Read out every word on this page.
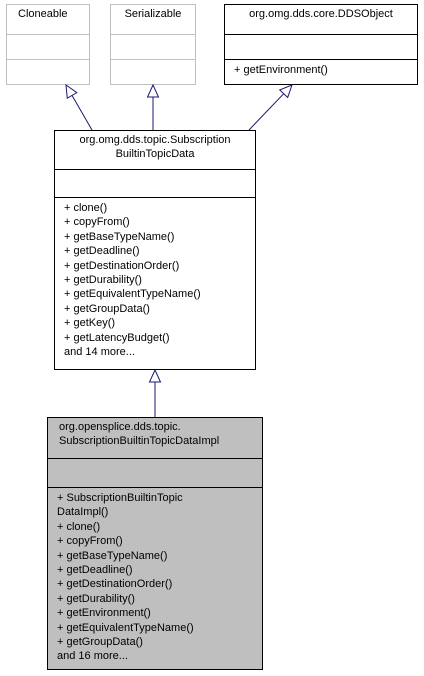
Cloneable	Serializable	org.omg.dds.core.DDSObject
+ getEnvironment()
org.omg.dds.topic.Subscription
BuiltinTopicData
+ clone()
+ copyFrom()
+ getBaseTypeName()
+ getDeadline()
+ getDestinationOrder()
+ getDurability()
+ getEquivalentTypeName()
+ getGroupData()
+ getKey()
+ getLatencyBudget()
and 14 more...
org.opensplice.dds.topic.
SubscriptionBuiltinTopicDataImpl
+ SubscriptionBuiltinTopic
DataImpl()
+ clone()
+ copyFrom()
+ getBaseTypeName()
+ getDeadline()
+ getDestinationOrder()
+ getDurability()
+ getEnvironment()
+ getEquivalentTypeName()
+ getGroupData()
and 16 more...
